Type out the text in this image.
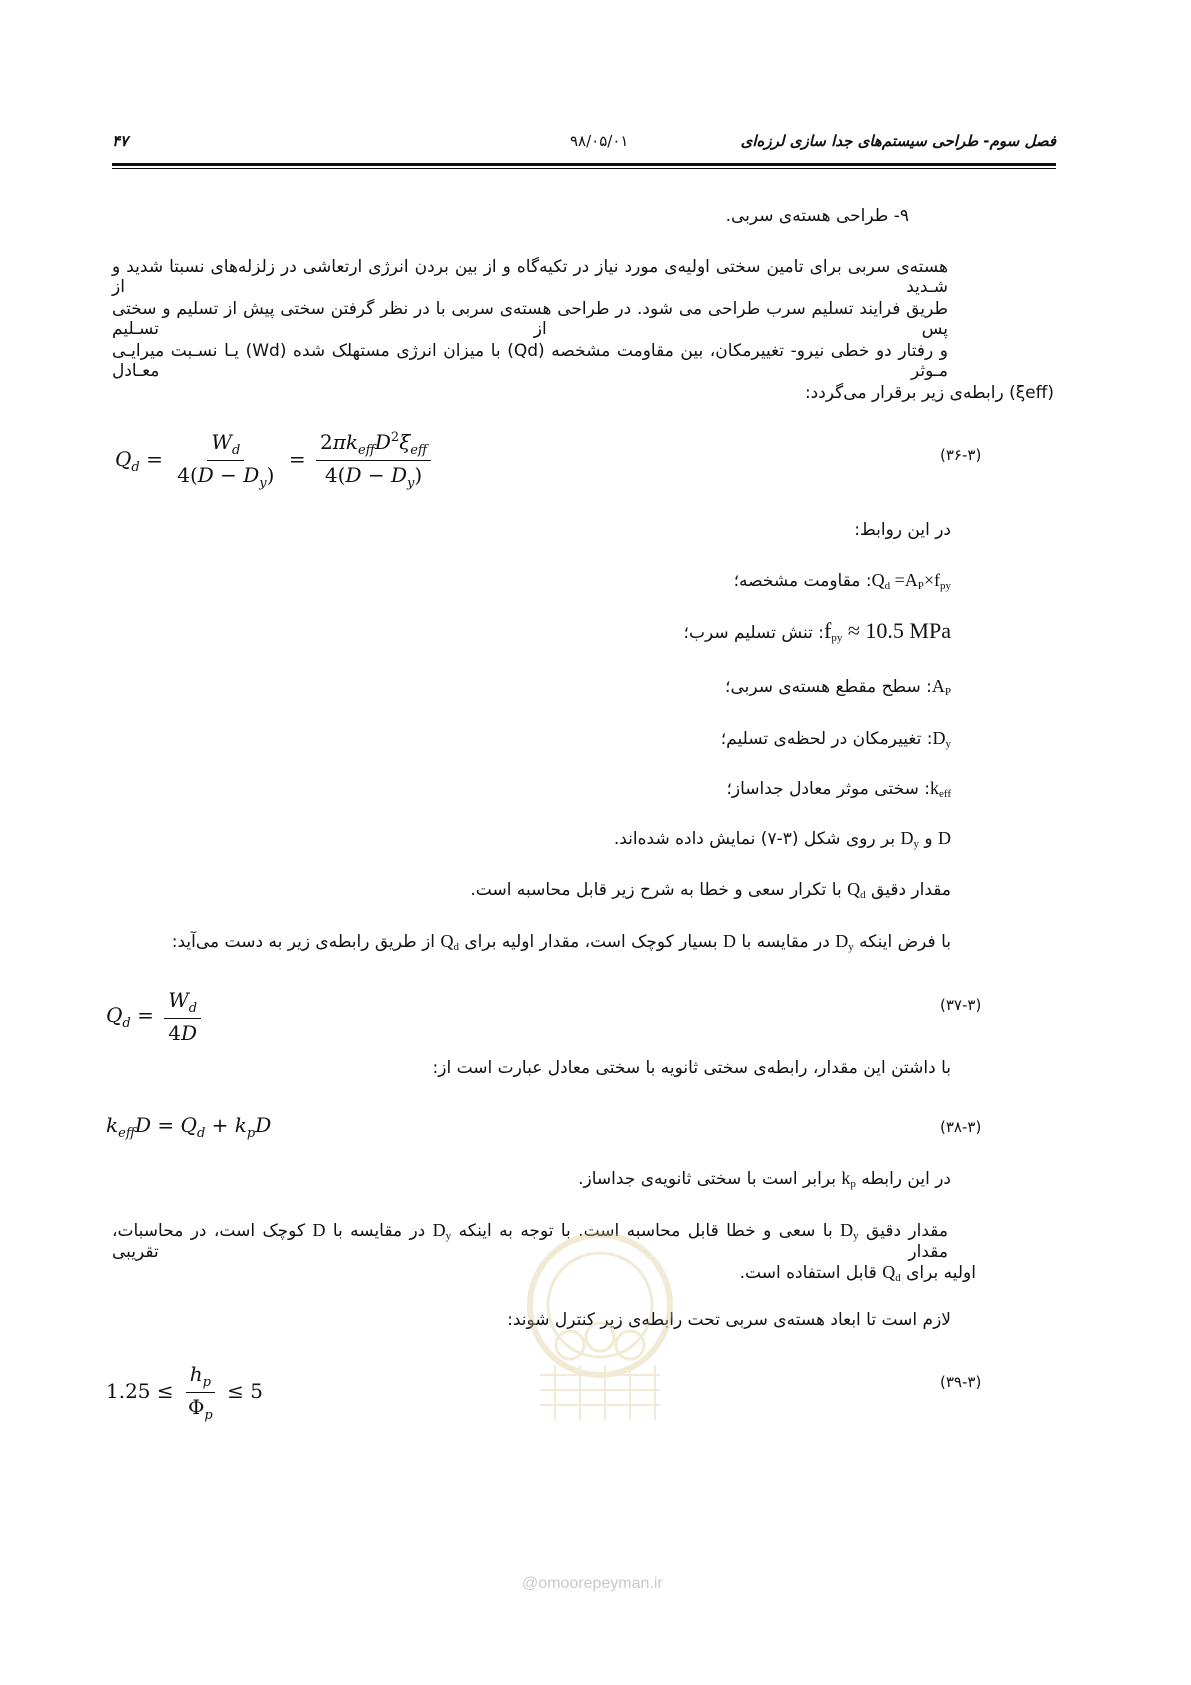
۴۷	۹۸/۰۵/۰۱	فصل سوم- طراحی سیستم‌های جدا سازی لرزه‌ای
۹- طراحی هسته‌ی سربی.
هسته‌ی سربی برای تامین سختی اولیه‌ی مورد نیاز در تکیه‌گاه و از بین بردن انرژی ارتعاشی در زلزله‌های نسبتا شدید و شـدید از
طریق فرایند تسلیم سرب طراحی می شود. در طراحی هسته‌ی سربی با در نظر گرفتن سختی پیش از تسلیم و سختی پس از تسـلیم
و رفتار دو خطی نیرو- تغییرمکان، بین مقاومت مشخصه (Qd) با میزان انرژی مستهلک شده (Wd) یـا نسـبت میرایـی مـوثر معـادل
(ξeff) رابطه‌ی زیر برقرار می‌گردد:
$Q_d = \frac{W_d}{4(D - D_y)} = \frac{2\pi k_{eff}D^2\xi_{eff}}{4(D - D_y)}$	(۳۶-۳)
در این روابط:
$Q_d =A_P\times f_{py}$: مقاومت مشخصه؛
$f_{py} \approx 10.5$ MPa: تنش تسلیم سرب؛
$A_P$: سطح مقطع هسته‌ی سربی؛
$D_y$: تغییرمکان در لحظه‌ی تسلیم؛
$k_{eff}$: سختی موثر معادل جداساز؛
D و $D_y$ بر روی شکل (۳-۷) نمایش داده شده‌اند.
مقدار دقیق $Q_d$ با تکرار سعی و خطا به شرح زیر قابل محاسبه است.
با فرض اینکه $D_y$ در مقایسه با D بسیار کوچک است، مقدار اولیه برای $Q_d$ از طریق رابطه‌ی زیر به دست می‌آید:
$Q_d = \frac{W_d}{4D}$	(۳۷-۳)
با داشتن این مقدار، رابطه‌ی سختی ثانویه با سختی معادل عبارت است از:
$k_{eff}D = Q_d + k_pD$	(۳۸-۳)
در این رابطه $k_p$ برابر است با سختی ثانویه‌ی جداساز.
مقدار دقیق $D_y$ با سعی و خطا قابل محاسبه است. با توجه به اینکه $D_y$ در مقایسه با D کوچک است، در محاسبات، مقدار تقریبی
اولیه برای $Q_d$ قابل استفاده است.
لازم است تا ابعاد هسته‌ی سربی تحت رابطه‌ی زیر کنترل شوند:
$1.25 \le \frac{h_p}{\Phi_p} \le 5$	(۳۹-۳)
@omoorepeyman.ir
